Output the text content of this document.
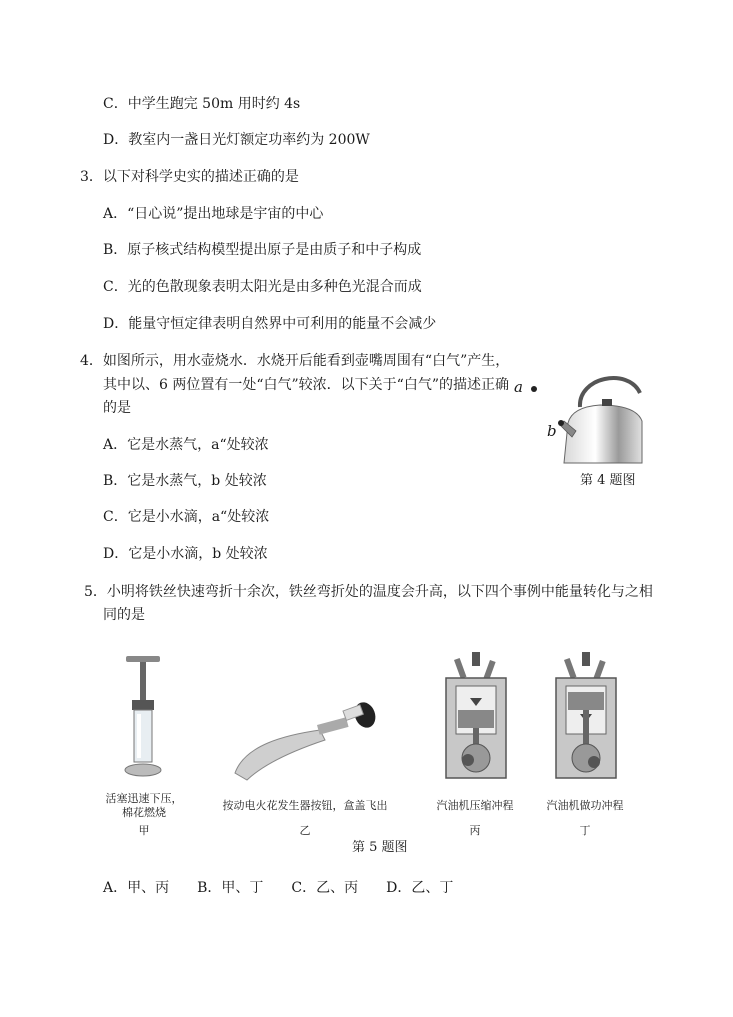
C．中学生跑完 50m 用时约 4s
D．教室内一盏日光灯额定功率约为 200W
3．以下对科学史实的描述正确的是
A．“日心说”提出地球是宇宙的中心
B．原子核式结构模型提出原子是由质子和中子构成
C．光的色散现象表明太阳光是由多种色光混合而成
D．能量守恒定律表明自然界中可利用的能量不会减少
4．如图所示，用水壶烧水．水烧开后能看到壶嘴周围有“白气”产生，
其中以、6 两位置有一处“白气”较浓．以下关于“白气”的描述正确
的是
A．它是水蒸气，a“处较浓
B．它是水蒸气，b 处较浓
C．它是小水滴，a“处较浓
D．它是小水滴，b 处较浓
a
b
第 4 题图
5．小明将铁丝快速弯折十余次，铁丝弯折处的温度会升高，以下四个事例中能量转化与之相
同的是
活塞迅速下压，
棉花燃烧
甲
按动电火花发生器按钮，盒盖飞出
乙
汽油机压缩冲程
丙
汽油机做功冲程
丁
第 5 题图
A．甲、丙　　B．甲、丁　　C．乙、丙　　D．乙、丁
